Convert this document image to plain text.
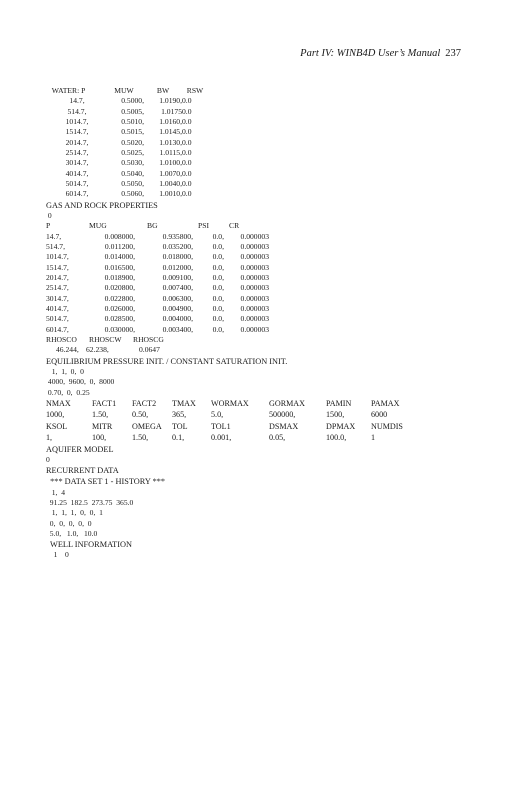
Part IV: WINB4D User’s Manual 237
WATER: P	MUW	BW	RSW
14.7,	0.5000,	1.0190,	0.0
514.7,	0.5005,	1.0175	0.0
1014.7,	0.5010,	1.0160,	0.0
1514.7,	0.5015,	1.0145,	0.0
2014.7,	0.5020,	1.0130,	0.0
2514.7,	0.5025,	1.0115,	0.0
3014.7,	0.5030,	1.0100,	0.0
4014.7,	0.5040,	1.0070,	0.0
5014.7,	0.5050,	1.0040,	0.0
6014.7,	0.5060,	1.0010,	0.0
GAS AND ROCK PROPERTIES
0
P	MUG	BG	PSI	CR
14.7,	0.008000,	0.935800,	0.0,	0.000003
514.7,	0.011200,	0.035200,	0.0,	0.000003
1014.7,	0.014000,	0.018000,	0.0,	0.000003
1514.7,	0.016500,	0.012000,	0.0,	0.000003
2014.7,	0.018900,	0.009100,	0.0,	0.000003
2514.7,	0.020800,	0.007400,	0.0,	0.000003
3014.7,	0.022800,	0.006300,	0.0,	0.000003
4014.7,	0.026000,	0.004900,	0.0,	0.000003
5014.7,	0.028500,	0.004000,	0.0,	0.000003
6014.7,	0.030000,	0.003400,	0.0,	0.000003
RHOSCO	RHOSCW	RHOSCG
46.244,	62.238,	0.0647
EQUILIBRIUM PRESSURE INIT. / CONSTANT SATURATION INIT.
1,  1,  0,  0
4000,  9600,  0,  8000
0.70,  0,  0.25
NMAX	FACT1	FACT2	TMAX	WORMAX	GORMAX	PAMIN	PAMAX
1000,	1.50,	0.50,	365,	5.0,	500000,	1500,	6000
KSOL	MITR	OMEGA	TOL	TOL1	DSMAX	DPMAX	NUMDIS
1,	100,	1.50,	0.1,	0.001,	0.05,	100.0,	1
AQUIFER MODEL
0
RECURRENT DATA
*** DATA SET 1 - HISTORY ***
1,  4
91.25  182.5  273.75  365.0
1,  1,  1,  0,  0,  1
0,  0,  0,  0,  0
5.0,   1.0,   10.0
WELL INFORMATION
1    0
